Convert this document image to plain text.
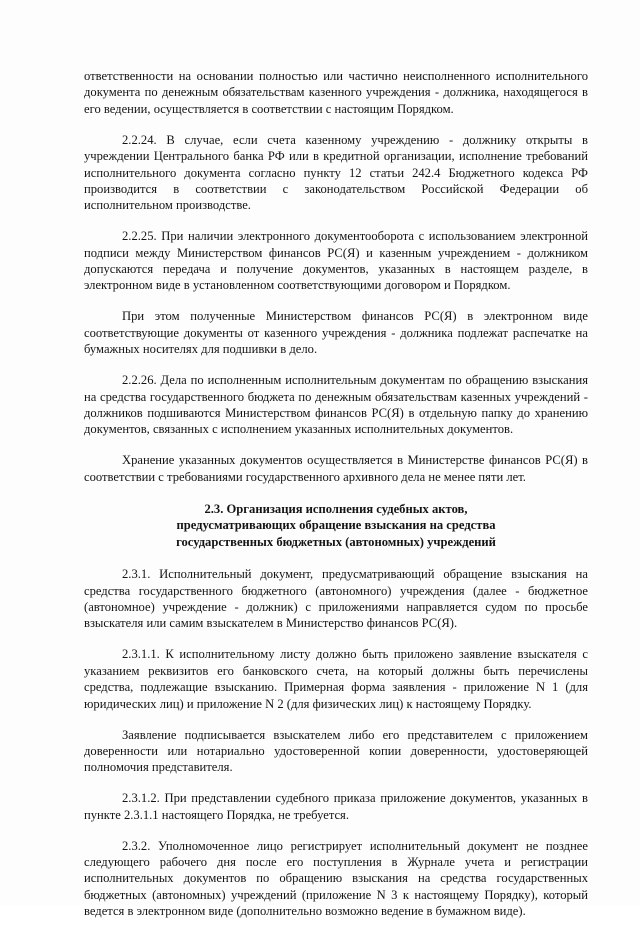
ответственности на основании полностью или частично неисполненного исполнительного документа по денежным обязательствам казенного учреждения - должника, находящегося в его ведении, осуществляется в соответствии с настоящим Порядком.

2.2.24. В случае, если счета казенному учреждению - должнику открыты в учреждении Центрального банка РФ или в кредитной организации, исполнение требований исполнительного документа согласно пункту 12 статьи 242.4 Бюджетного кодекса РФ производится в соответствии с законодательством Российской Федерации об исполнительном производстве.

2.2.25. При наличии электронного документооборота с использованием электронной подписи между Министерством финансов РС(Я) и казенным учреждением - должником допускаются передача и получение документов, указанных в настоящем разделе, в электронном виде в установленном соответствующими договором и Порядком.

При этом полученные Министерством финансов РС(Я) в электронном виде соответствующие документы от казенного учреждения - должника подлежат распечатке на бумажных носителях для подшивки в дело.

2.2.26. Дела по исполненным исполнительным документам по обращению взыскания на средства государственного бюджета по денежным обязательствам казенных учреждений - должников подшиваются Министерством финансов РС(Я) в отдельную папку до хранению документов, связанных с исполнением указанных исполнительных документов.

Хранение указанных документов осуществляется в Министерстве финансов РС(Я) в соответствии с требованиями государственного архивного дела не менее пяти лет.

2.3. Организация исполнения судебных актов,
предусматривающих обращение взыскания на средства
государственных бюджетных (автономных) учреждений

2.3.1. Исполнительный документ, предусматривающий обращение взыскания на средства государственного бюджетного (автономного) учреждения (далее - бюджетное (автономное) учреждение - должник) с приложениями направляется судом по просьбе взыскателя или самим взыскателем в Министерство финансов РС(Я).

2.3.1.1. К исполнительному листу должно быть приложено заявление взыскателя с указанием реквизитов его банковского счета, на который должны быть перечислены средства, подлежащие взысканию. Примерная форма заявления - приложение N 1 (для юридических лиц) и приложение N 2 (для физических лиц) к настоящему Порядку.

Заявление подписывается взыскателем либо его представителем с приложением доверенности или нотариально удостоверенной копии доверенности, удостоверяющей полномочия представителя.

2.3.1.2. При представлении судебного приказа приложение документов, указанных в пункте 2.3.1.1 настоящего Порядка, не требуется.

2.3.2. Уполномоченное лицо регистрирует исполнительный документ не позднее следующего рабочего дня после его поступления в Журнале учета и регистрации исполнительных документов по обращению взыскания на средства государственных бюджетных (автономных) учреждений (приложение N 3 к настоящему Порядку), который ведется в электронном виде (дополнительно возможно ведение в бумажном виде).
